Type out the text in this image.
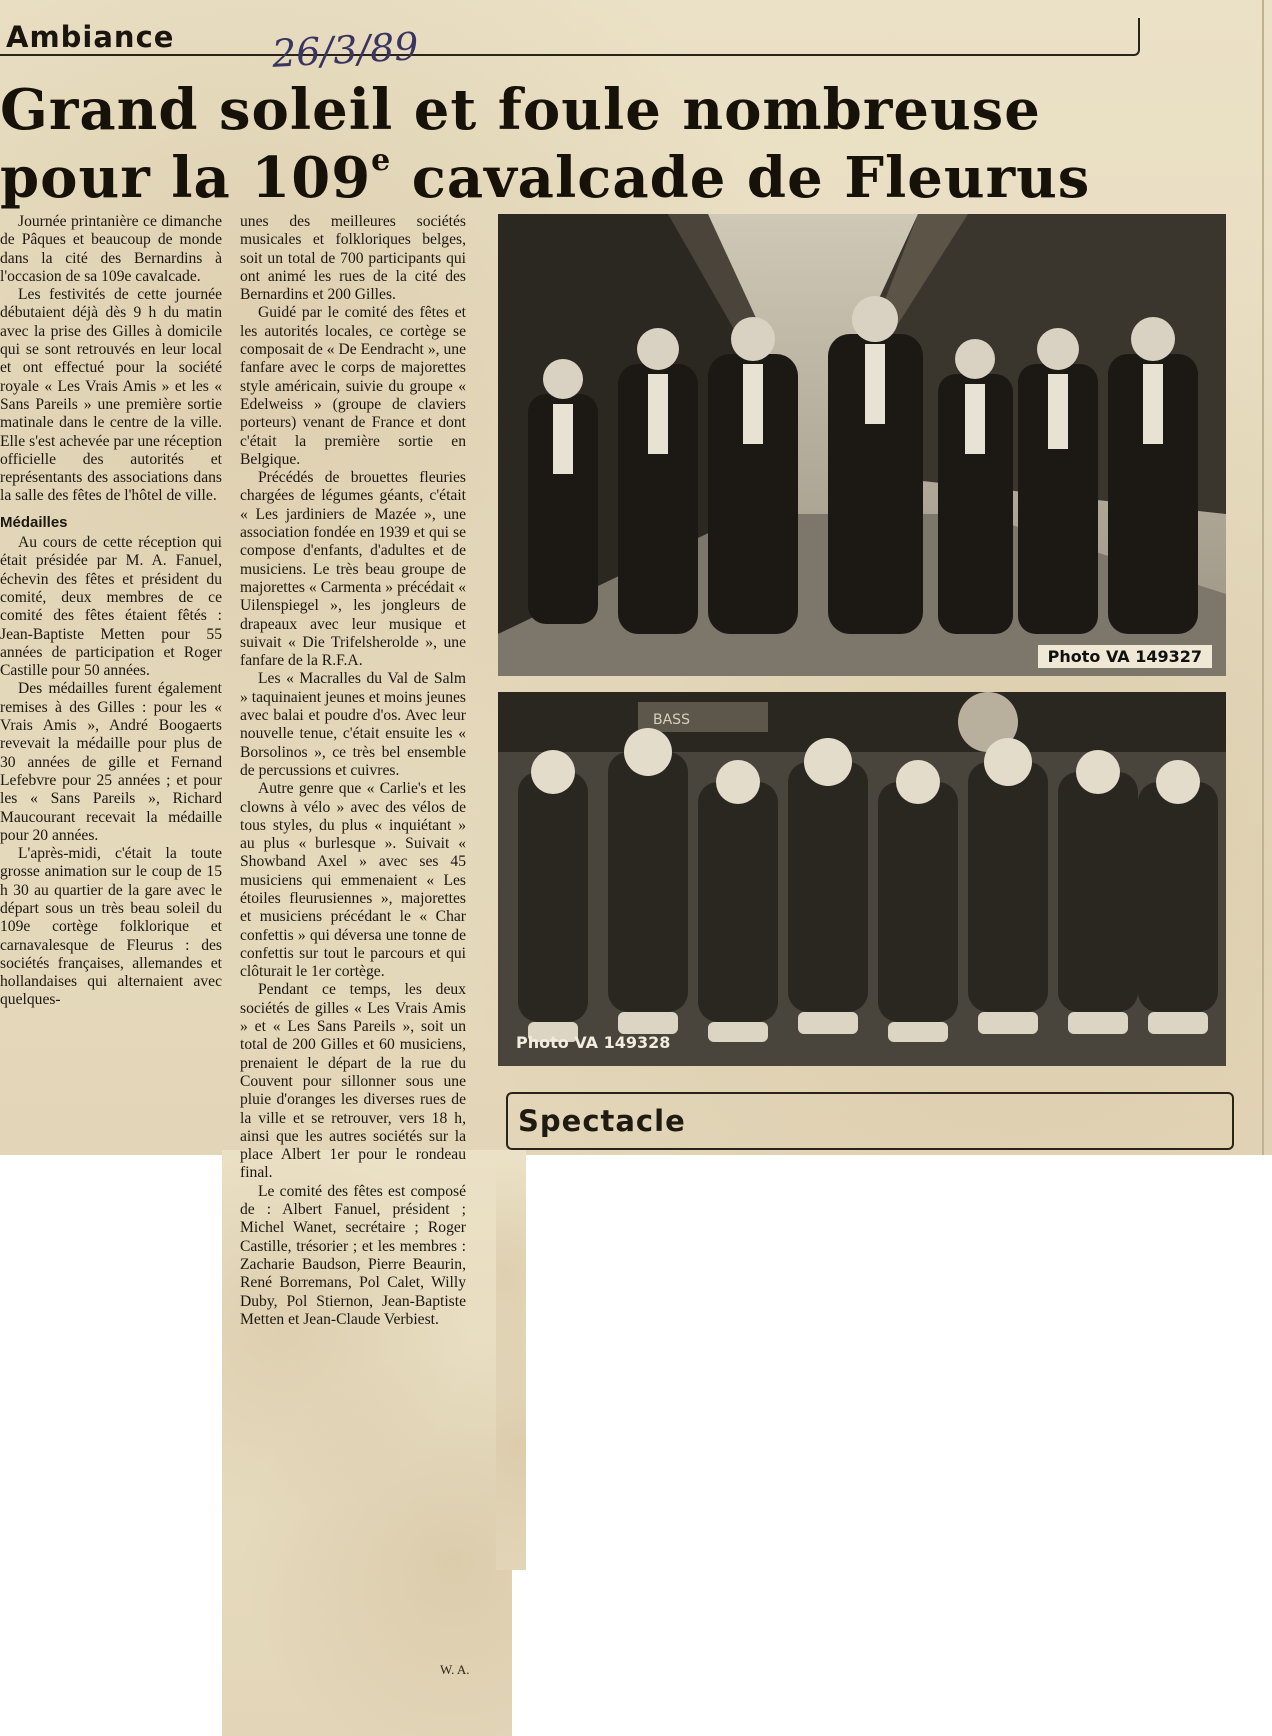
Ambiance	26/3/89
Grand soleil et foule nombreuse
pour la 109e cavalcade de Fleurus

Journée printanière ce dimanche de Pâques et beaucoup de monde dans la cité des Bernardins à l'occasion de sa 109e cavalcade.

Les festivités de cette journée débutaient déjà dès 9 h du matin avec la prise des Gilles à domicile qui se sont retrouvés en leur local et ont effectué pour la société royale « Les Vrais Amis » et les « Sans Pareils » une première sortie matinale dans le centre de la ville. Elle s'est achevée par une réception officielle des autorités et représentants des associations dans la salle des fêtes de l'hôtel de ville.

Médailles

Au cours de cette réception qui était présidée par M. A. Fanuel, échevin des fêtes et président du comité, deux membres de ce comité des fêtes étaient fêtés : Jean-Baptiste Metten pour 55 années de participation et Roger Castille pour 50 années.

Des médailles furent également remises à des Gilles : pour les « Vrais Amis », André Boogaerts revevait la médaille pour plus de 30 années de gille et Fernand Lefebvre pour 25 années ; et pour les « Sans Pareils », Richard Maucourant recevait la médaille pour 20 années.

L'après-midi, c'était la toute grosse animation sur le coup de 15 h 30 au quartier de la gare avec le départ sous un très beau soleil du 109e cortège folklorique et carnavalesque de Fleurus : des sociétés françaises, allemandes et hollandaises qui alternaient avec quelques-

unes des meilleures sociétés musicales et folkloriques belges, soit un total de 700 participants qui ont animé les rues de la cité des Bernardins et 200 Gilles.

Guidé par le comité des fêtes et les autorités locales, ce cortège se composait de « De Eendracht », une fanfare avec le corps de majorettes style américain, suivie du groupe « Edelweiss » (groupe de claviers porteurs) venant de France et dont c'était la première sortie en Belgique.

Précédés de brouettes fleuries chargées de légumes géants, c'était « Les jardiniers de Mazée », une association fondée en 1939 et qui se compose d'enfants, d'adultes et de musiciens. Le très beau groupe de majorettes « Carmenta » précédait « Uilenspiegel », les jongleurs de drapeaux avec leur musique et suivait « Die Trifelsherolde », une fanfare de la R.F.A.

Les « Macralles du Val de Salm » taquinaient jeunes et moins jeunes avec balai et poudre d'os. Avec leur nouvelle tenue, c'était ensuite les « Borsolinos », ce très bel ensemble de percussions et cuivres.

Autre genre que « Carlie's et les clowns à vélo » avec des vélos de tous styles, du plus « inquiétant » au plus « burlesque ». Suivait « Showband Axel » avec ses 45 musiciens qui emmenaient « Les étoiles fleurusiennes », majorettes et musiciens précédant le « Char confettis » qui déversa une tonne de confettis sur tout le parcours et qui clôturait le 1er cortège.

Pendant ce temps, les deux sociétés de gilles « Les Vrais Amis » et « Les Sans Pareils », soit un total de 200 Gilles et 60 musiciens, prenaient le départ de la rue du Couvent pour sillonner sous une pluie d'oranges les diverses rues de la ville et se retrouver, vers 18 h, ainsi que les autres sociétés sur la place Albert 1er pour le rondeau final.

Le comité des fêtes est composé de : Albert Fanuel, président ; Michel Wanet, secrétaire ; Roger Castille, trésorier ; et les membres : Zacharie Baudson, Pierre Beaurin, René Borremans, Pol Calet, Willy Duby, Pol Stiernon, Jean-Baptiste Metten et Jean-Claude Verbiest.

Photo VA 149327
BASS
Photo VA 149328
Spectacle
W. A.
